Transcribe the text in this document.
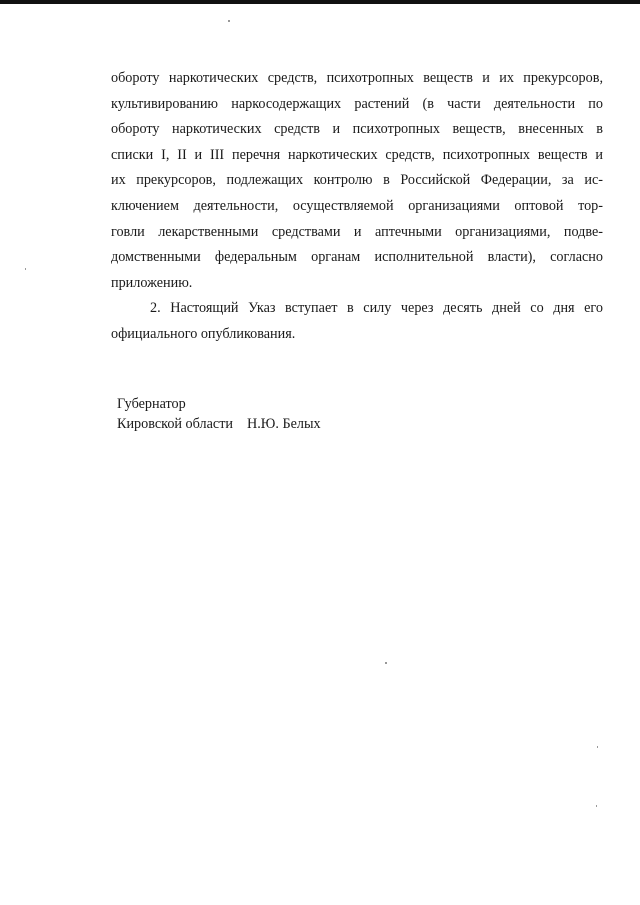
обороту наркотических средств, психотропных веществ и их прекурсоров,
культивированию наркосодержащих растений (в части деятельности по
обороту наркотических средств и психотропных веществ, внесенных в
списки I, II и III перечня наркотических средств, психотропных веществ и
их прекурсоров, подлежащих контролю в Российской Федерации, за ис-
ключением деятельности, осуществляемой организациями оптовой тор-
говли лекарственными средствами и аптечными организациями, подве-
домственными федеральным органам исполнительной власти), согласно
приложению.
2. Настоящий Указ вступает в силу через десять дней со дня его
официального опубликования.
Губернатор
Кировской области Н.Ю. Белых
